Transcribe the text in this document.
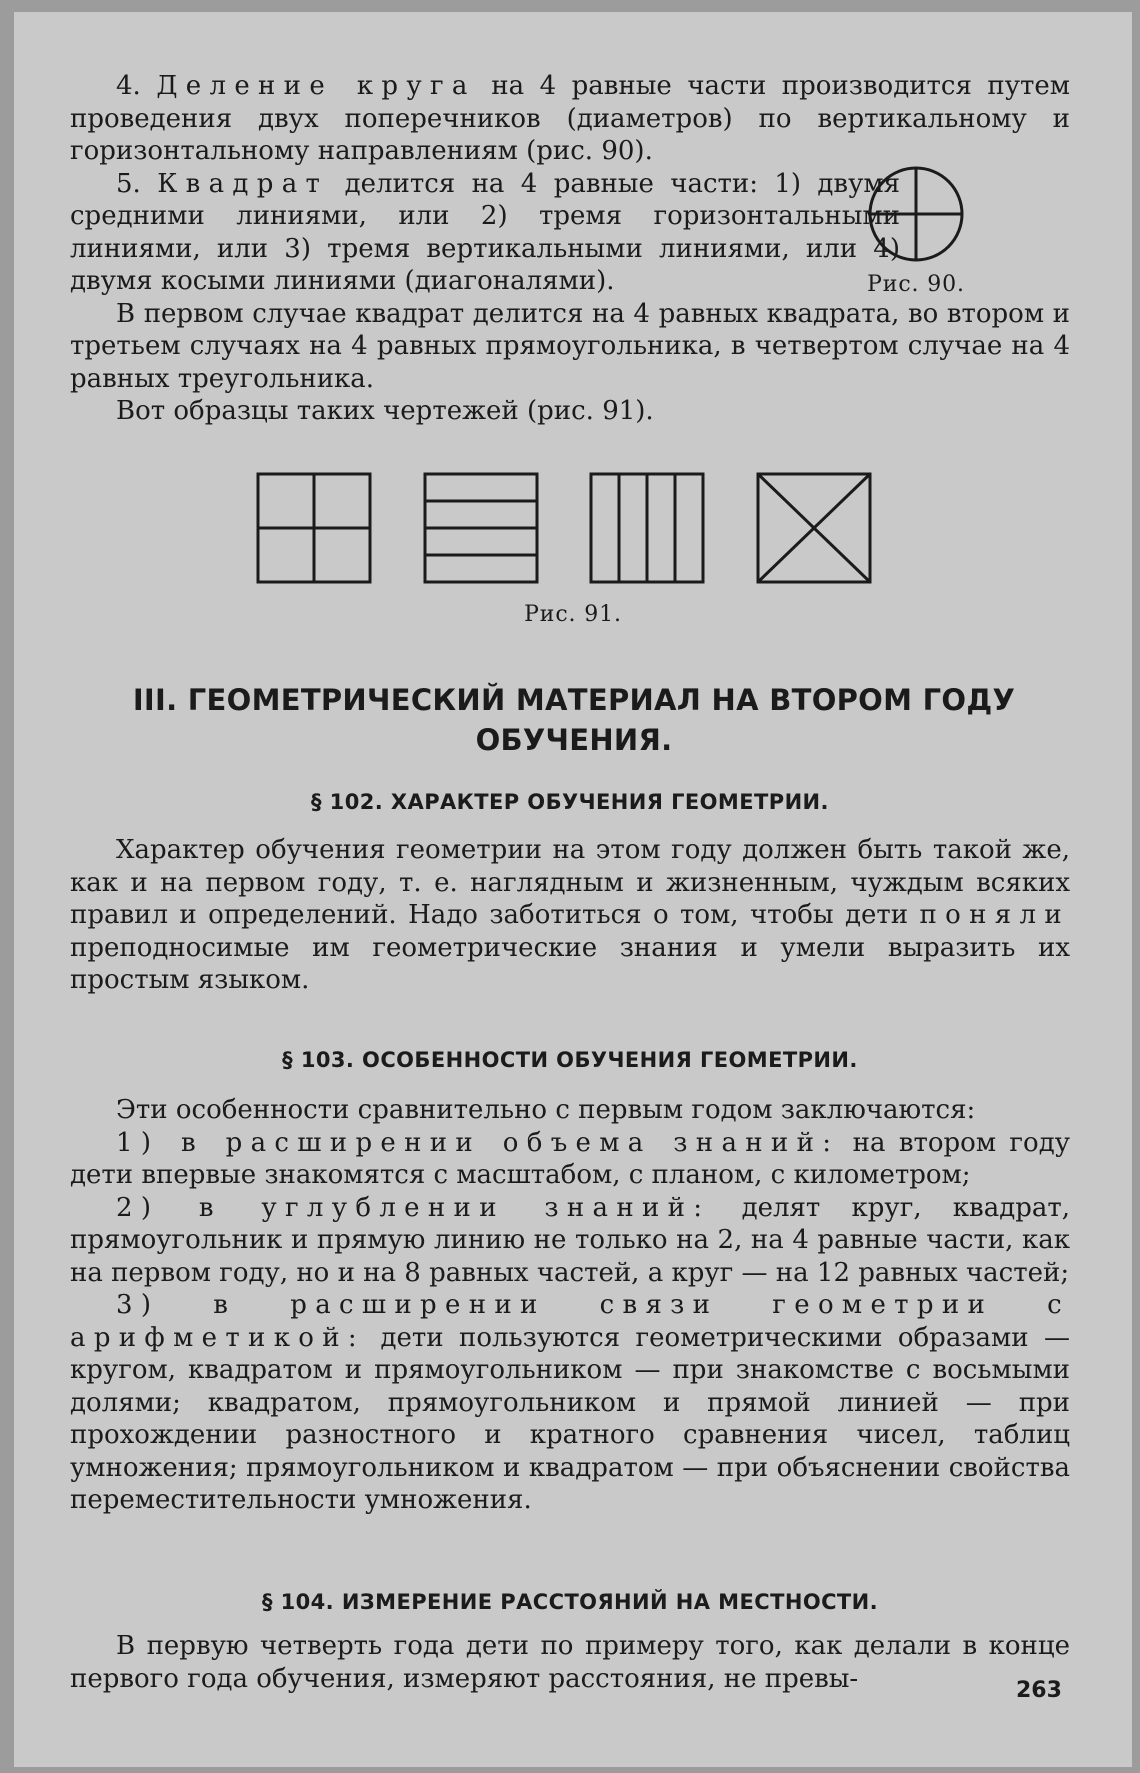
4. Деление круга на 4 равные части производится путем проведения двух поперечников (диаметров) по вертикальному и горизонтальному направлениям (рис. 90).

5. Квадрат делится на 4 равные части: 1) двумя средними линиями, или 2) тремя горизонтальными линиями, или 3) тремя вертикальными линиями, или 4) двумя косыми линиями (диагоналями).

В первом случае квадрат делится на 4 равных квадрата, во втором и третьем случаях на 4 равных прямоугольника, в четвертом случае на 4 равных треугольника.

Вот образцы таких чертежей (рис. 91).

Рис. 90.
Рис. 91.
III. ГЕОМЕТРИЧЕСКИЙ МАТЕРИАЛ НА ВТОРОМ ГОДУ ОБУЧЕНИЯ.
§ 102. ХАРАКТЕР ОБУЧЕНИЯ ГЕОМЕТРИИ.

Характер обучения геометрии на этом году должен быть такой же, как и на первом году, т. е. наглядным и жизненным, чуждым всяких правил и определений. Надо заботиться о том, чтобы дети поняли преподносимые им геометрические знания и умели выразить их простым языком.

§ 103. ОСОБЕННОСТИ ОБУЧЕНИЯ ГЕОМЕТРИИ.

Эти особенности сравнительно с первым годом заключаются:

1) в расширении объема знаний: на втором году дети впервые знакомятся с масштабом, с планом, с километром;

2) в углублении знаний: делят круг, квадрат, прямоугольник и прямую линию не только на 2, на 4 равные части, как на первом году, но и на 8 равных частей, а круг — на 12 равных частей;

3) в расширении связи геометрии с арифметикой: дети пользуются геометрическими образами — кругом, квадратом и прямоугольником — при знакомстве с восьмыми долями; квадратом, прямоугольником и прямой линией — при прохождении разностного и кратного сравнения чисел, таблиц умножения; прямоугольником и квадратом — при объяснении свойства переместительности умножения.

§ 104. ИЗМЕРЕНИЕ РАССТОЯНИЙ НА МЕСТНОСТИ.

В первую четверть года дети по примеру того, как делали в конце первого года обучения, измеряют расстояния, не превы-	263
